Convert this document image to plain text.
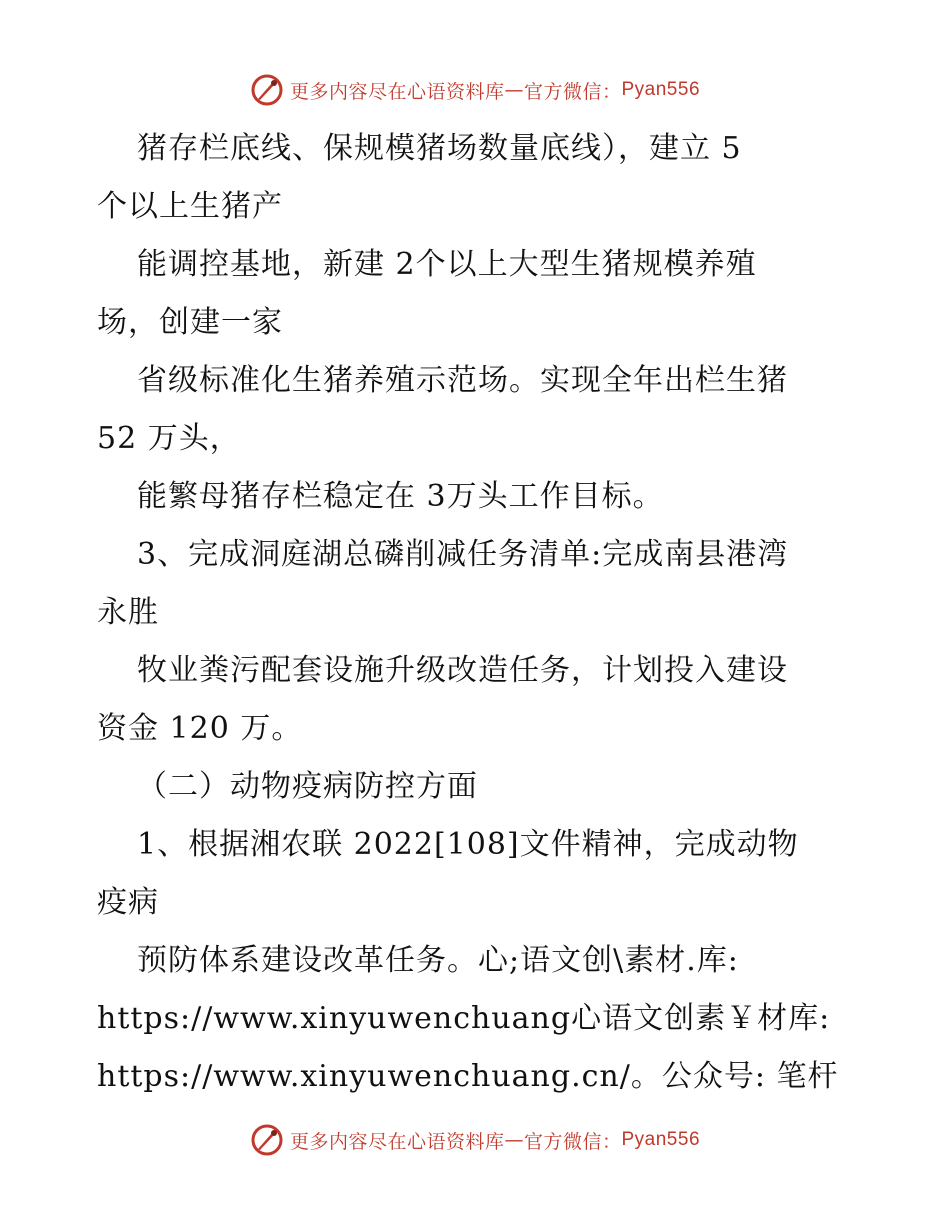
更多内容尽在心语资料库 — 官方微信： Pyan556
猪存栏底线、保规模猪场数量底线），建立 5
个以上生猪产
能调控基地，新建 2个以上大型生猪规模养殖
场，创建一家
省级标准化生猪养殖示范场。实现全年出栏生猪
52 万头，
能繁母猪存栏稳定在 3万头工作目标。
3、完成洞庭湖总磷削减任务清单:完成南县港湾
永胜
牧业粪污配套设施升级改造任务，计划投入建设
资金 120 万。
（二）动物疫病防控方面
1、根据湘农联 2022[108]文件精神，完成动物
疫病
预防体系建设改革任务。心;语文创\素材.库:
https://www.xinyuwenchuang心语文创素￥材库:
https://www.xinyuwenchuang.cn/。公众号: 笔杆
更多内容尽在心语资料库 — 官方微信： Pyan556
